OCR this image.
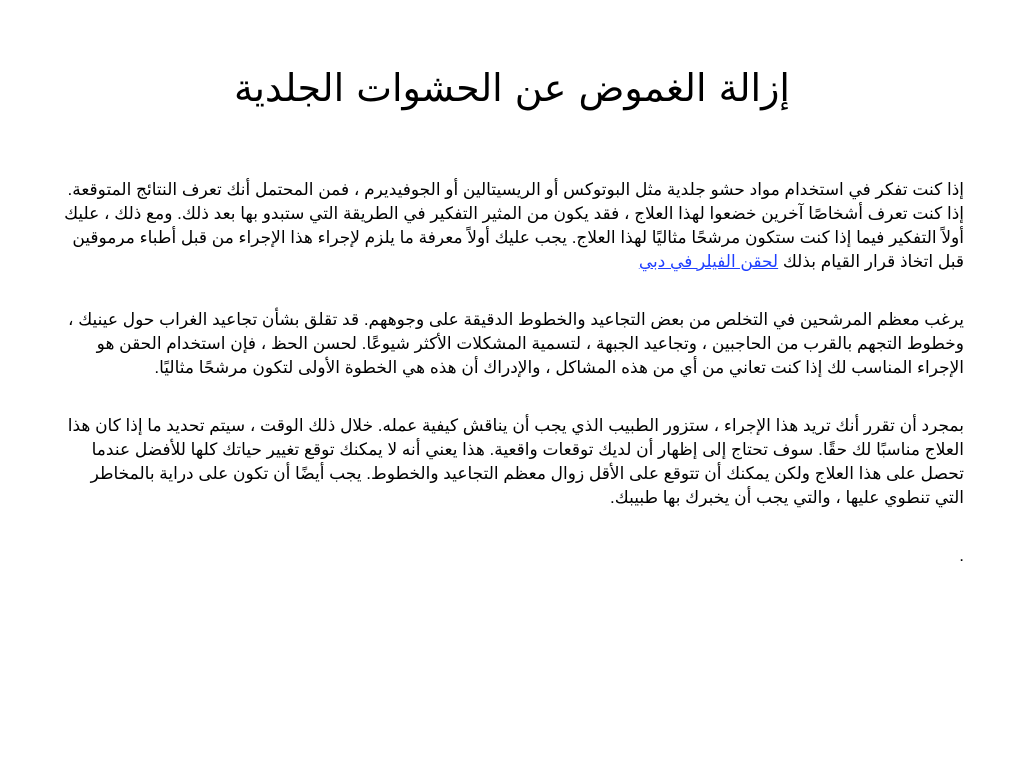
إزالة الغموض عن الحشوات الجلدية

إذا كنت تفكر في استخدام مواد حشو جلدية مثل البوتوكس أو الريسيتالين أو الجوفيديرم ، فمن المحتمل أنك تعرف النتائج المتوقعة. إذا كنت تعرف أشخاصًا آخرين خضعوا لهذا العلاج ، فقد يكون من المثير التفكير في الطريقة التي ستبدو بها بعد ذلك. ومع ذلك ، عليك أولاً التفكير فيما إذا كنت ستكون مرشحًا مثاليًا لهذا العلاج. يجب عليك أولاً معرفة ما يلزم لإجراء هذا الإجراء من قبل أطباء مرموقين قبل اتخاذ قرار القيام بذلك لحقن الفيلر في دبي

يرغب معظم المرشحين في التخلص من بعض التجاعيد والخطوط الدقيقة على وجوههم. قد تقلق بشأن تجاعيد الغراب حول عينيك ، وخطوط التجهم بالقرب من الحاجبين ، وتجاعيد الجبهة ، لتسمية المشكلات الأكثر شيوعًا. لحسن الحظ ، فإن استخدام الحقن هو الإجراء المناسب لك إذا كنت تعاني من أي من هذه المشاكل ، والإدراك أن هذه هي الخطوة الأولى لتكون مرشحًا مثاليًا.

بمجرد أن تقرر أنك تريد هذا الإجراء ، ستزور الطبيب الذي يجب أن يناقش كيفية عمله. خلال ذلك الوقت ، سيتم تحديد ما إذا كان هذا العلاج مناسبًا لك حقًا. سوف تحتاج إلى إظهار أن لديك توقعات واقعية. هذا يعني أنه لا يمكنك توقع تغيير حياتك كلها للأفضل عندما تحصل على هذا العلاج ولكن يمكنك أن تتوقع على الأقل زوال معظم التجاعيد والخطوط. يجب أيضًا أن تكون على دراية بالمخاطر التي تنطوي عليها ، والتي يجب أن يخبرك بها طبيبك.

.
